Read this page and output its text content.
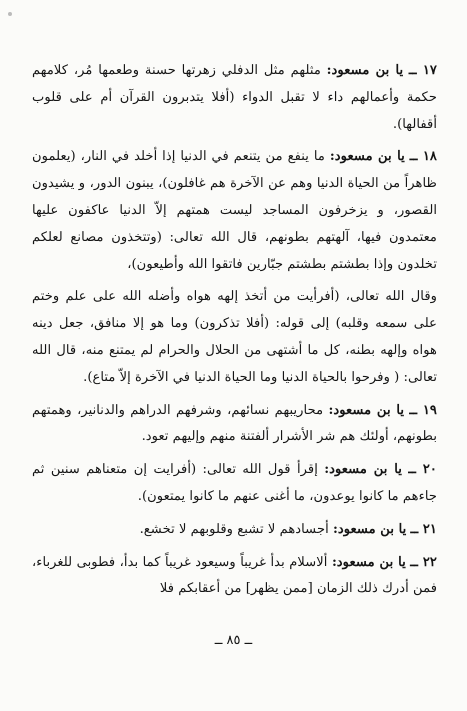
١٧ ــ يا بن مسعود: مثلهم مثل الدفلي زهرتها حسنة وطعمها مُر، كلامهم حكمة وأعمالهم داء لا تقبل الدواء (أفلا يتدبرون القرآن أم على قلوب أقفالها).

١٨ ــ يا بن مسعود: ما ينفع من يتنعم في الدنيا إذا أخلد في النار، (يعلمون ظاهراً من الحياة الدنيا وهم عن الآخرة هم غافلون)، يبنون الدور، و يشيدون القصور، و يزخرفون المساجد ليست همتهم إلاّ الدنيا عاكفون عليها معتمدون فيها، آلهتهم بطونهم، قال الله تعالى: (وتتخذون مصانع لعلكم تخلدون وإذا بطشتم بطشتم جبّارين فاتقوا الله وأطيعون)،

وقال الله تعالى، (أفرأيت من أتخذ إلهه هواه وأضله الله على علم وختم على سمعه وقلبه) إلى قوله: (أفلا تذكرون) وما هو إلا منافق، جعل دينه هواه وإلهه بطنه، كل ما أشتهى من الحلال والحرام لم يمتنع منه، قال الله تعالى: ( وفرحوا بالحياة الدنيا وما الحياة الدنيا في الآخرة إلاّ متاع).

١٩ ــ يا بن مسعود: محاريبهم نسائهم، وشرفهم الدراهم والدنانير، وهمتهم بطونهم، أولئك هم شر الأشرار ألفتنة منهم وإليهم تعود.

٢٠ ــ يا بن مسعود: إقرأ قول الله تعالى: (أفرايت إن متعناهم سنين ثم جاءهم ما كانوا يوعدون، ما أغنى عنهم ما كانوا يمتعون).

٢١ ــ يا بن مسعود: أجسادهم لا تشبع وقلوبهم لا تخشع.

٢٢ ــ يا بن مسعود: ألاسلام بدأ غريباً وسيعود غريباً كما بدأ، فطوبى للغرباء، فمن أدرك ذلك الزمان [ممن يظهر] من أعقابكم فلا

ــ ٨٥ ــ
